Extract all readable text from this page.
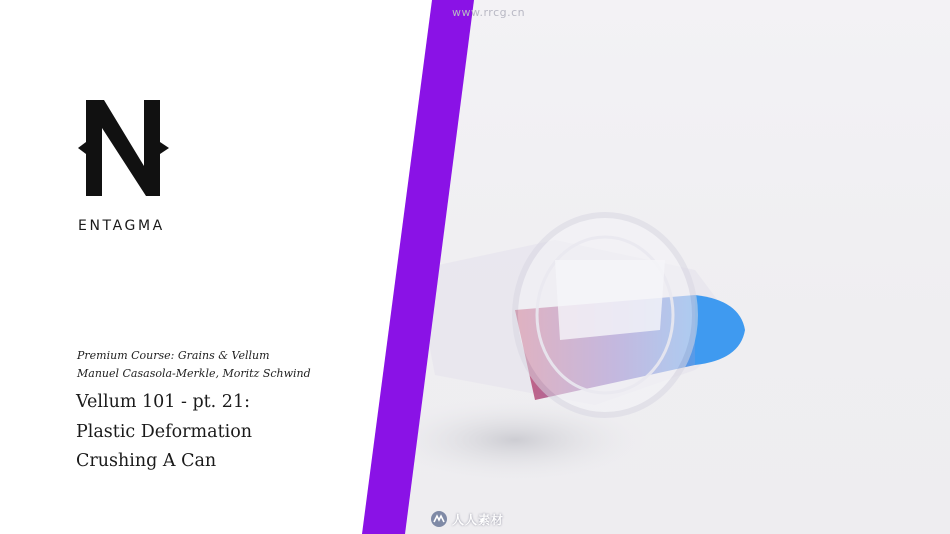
ENTAGMA

Premium Course: Grains & Vellum
Manuel Casasola-Merkle, Moritz Schwind

Vellum 101 - pt. 21:
Plastic Deformation
Crushing A Can

www.rrcg.cn

人人素材
